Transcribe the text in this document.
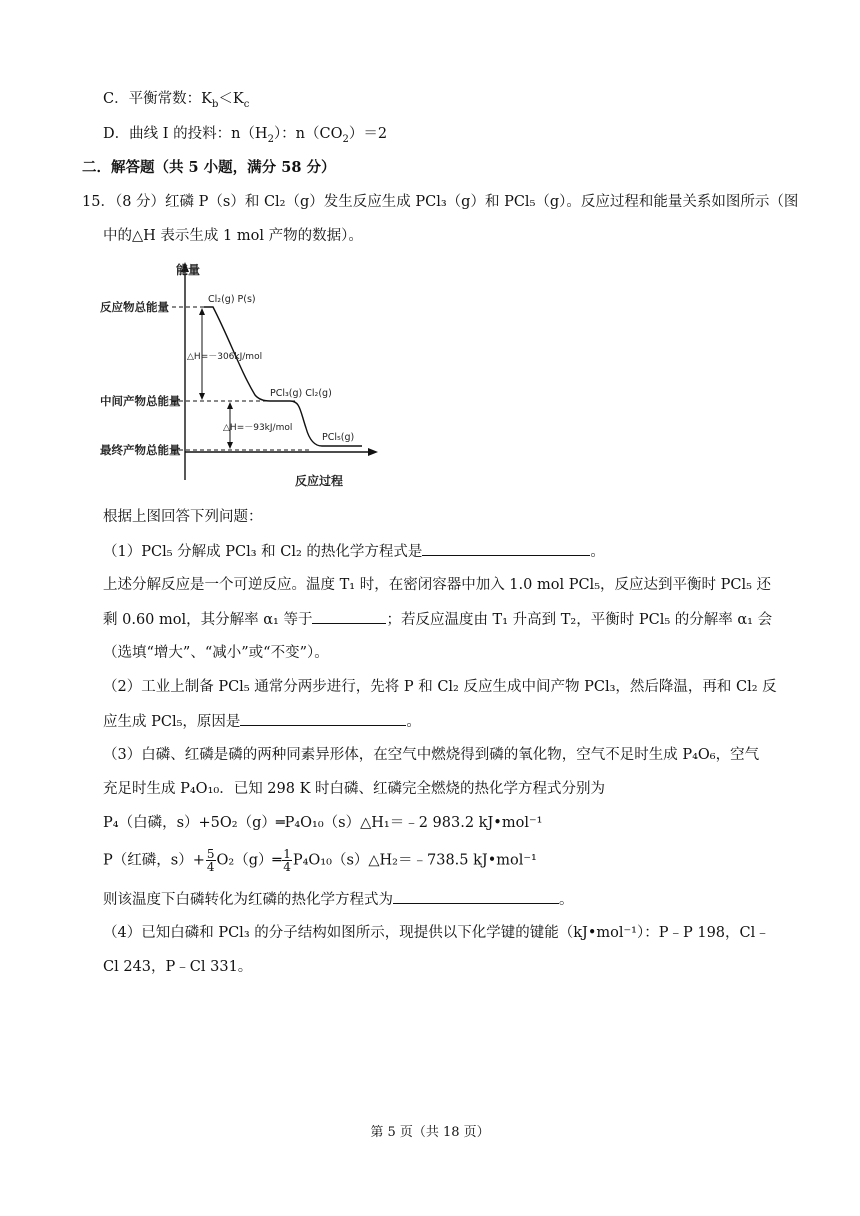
C．平衡常数：$K_b<K_c$
D．曲线 I 的投料：$n(H_2)$：$n(CO_2)=2$
二．解答题（共 5 小题，满分 58 分）
15．（8 分）红磷 P（s）和 Cl₂（g）发生反应生成 PCl₃（g）和 PCl₅（g）。反应过程和能量关系如图所示（图
中的△H 表示生成 1 mol 产物的数据）。
能量
反应过程
反应物总能量
中间产物总能量
最终产物总能量
Cl₂(g) P(s)
PCl₃(g) Cl₂(g)
PCl₅(g)
△H=－306kJ/mol
△H=－93kJ/mol
根据上图回答下列问题：
（1）PCl₅ 分解成 PCl₃ 和 Cl₂ 的热化学方程式是	。
上述分解反应是一个可逆反应。温度 T₁ 时，在密闭容器中加入 1.0 mol PCl₅，反应达到平衡时 PCl₅ 还
剩 0.60 mol，其分解率 α₁ 等于	；若反应温度由 T₁ 升高到 T₂，平衡时 PCl₅ 的分解率 α₁ 会
（选填“增大”、“减小”或“不变”）。
（2）工业上制备 PCl₅ 通常分两步进行，先将 P 和 Cl₂ 反应生成中间产物 PCl₃，然后降温，再和 Cl₂ 反
应生成 PCl₅，原因是	。
（3）白磷、红磷是磷的两种同素异形体，在空气中燃烧得到磷的氧化物，空气不足时生成 P₄O₆，空气
充足时生成 P₄O₁₀．已知 298 K 时白磷、红磷完全燃烧的热化学方程式分别为
P₄（白磷，s）+5O₂（g）═P₄O₁₀（s）△H₁＝﹣2 983.2 kJ•mol⁻¹
P（红磷，$s)+ \frac{5}{4}$ O₂（g）═ $\frac{1}{4}$ P₄O₁₀（s）△H₂＝﹣738.5 kJ•mol⁻¹
则该温度下白磷转化为红磷的热化学方程式为	。
（4）已知白磷和 PCl₃ 的分子结构如图所示，现提供以下化学键的键能（kJ•mol⁻¹）：P﹣P 198，Cl﹣
Cl 243，P﹣Cl 331。
第 5 页（共 18 页）
